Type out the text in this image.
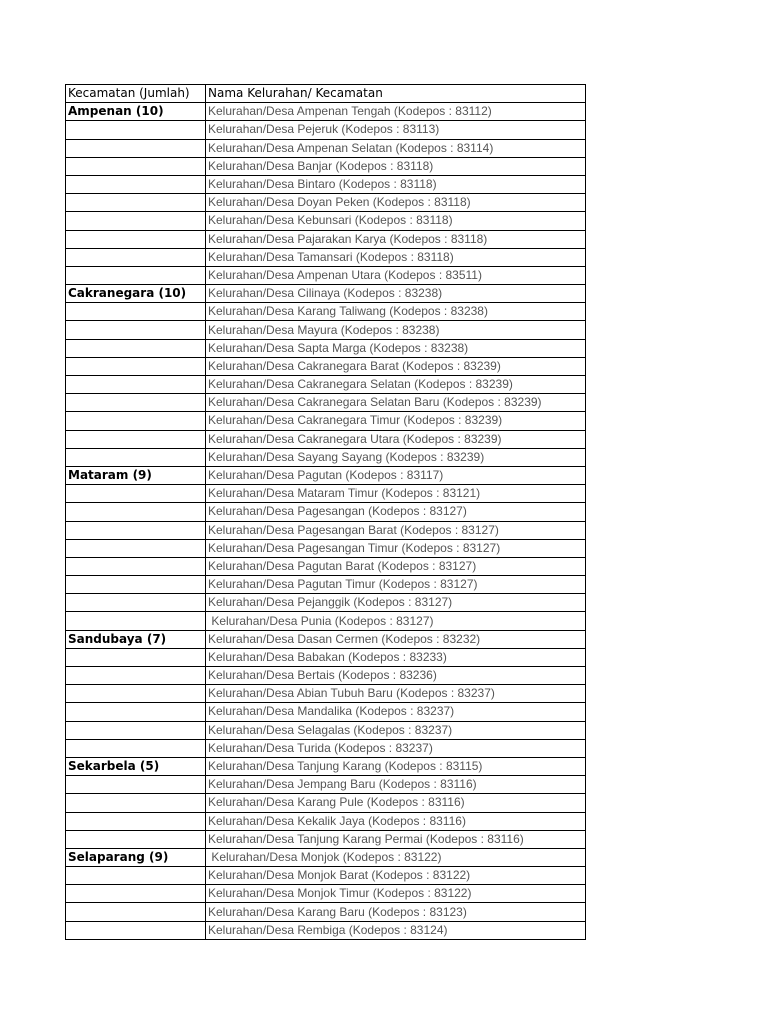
Kecamatan (Jumlah)	Nama Kelurahan/ Kecamatan
Ampenan (10)	Kelurahan/Desa Ampenan Tengah (Kodepos : 83112)
	Kelurahan/Desa Pejeruk (Kodepos : 83113)
	Kelurahan/Desa Ampenan Selatan (Kodepos : 83114)
	Kelurahan/Desa Banjar (Kodepos : 83118)
	Kelurahan/Desa Bintaro (Kodepos : 83118)
	Kelurahan/Desa Doyan Peken (Kodepos : 83118)
	Kelurahan/Desa Kebunsari (Kodepos : 83118)
	Kelurahan/Desa Pajarakan Karya (Kodepos : 83118)
	Kelurahan/Desa Tamansari (Kodepos : 83118)
	Kelurahan/Desa Ampenan Utara (Kodepos : 83511)
Cakranegara (10)	Kelurahan/Desa Cilinaya (Kodepos : 83238)
	Kelurahan/Desa Karang Taliwang (Kodepos : 83238)
	Kelurahan/Desa Mayura (Kodepos : 83238)
	Kelurahan/Desa Sapta Marga (Kodepos : 83238)
	Kelurahan/Desa Cakranegara Barat (Kodepos : 83239)
	Kelurahan/Desa Cakranegara Selatan (Kodepos : 83239)
	Kelurahan/Desa Cakranegara Selatan Baru (Kodepos : 83239)
	Kelurahan/Desa Cakranegara Timur (Kodepos : 83239)
	Kelurahan/Desa Cakranegara Utara (Kodepos : 83239)
	Kelurahan/Desa Sayang Sayang (Kodepos : 83239)
Mataram (9)	Kelurahan/Desa Pagutan (Kodepos : 83117)
	Kelurahan/Desa Mataram Timur (Kodepos : 83121)
	Kelurahan/Desa Pagesangan (Kodepos : 83127)
	Kelurahan/Desa Pagesangan Barat (Kodepos : 83127)
	Kelurahan/Desa Pagesangan Timur (Kodepos : 83127)
	Kelurahan/Desa Pagutan Barat (Kodepos : 83127)
	Kelurahan/Desa Pagutan Timur (Kodepos : 83127)
	Kelurahan/Desa Pejanggik (Kodepos : 83127)
	Kelurahan/Desa Punia (Kodepos : 83127)
Sandubaya (7)	Kelurahan/Desa Dasan Cermen (Kodepos : 83232)
	Kelurahan/Desa Babakan (Kodepos : 83233)
	Kelurahan/Desa Bertais (Kodepos : 83236)
	Kelurahan/Desa Abian Tubuh Baru (Kodepos : 83237)
	Kelurahan/Desa Mandalika (Kodepos : 83237)
	Kelurahan/Desa Selagalas (Kodepos : 83237)
	Kelurahan/Desa Turida (Kodepos : 83237)
Sekarbela (5)	Kelurahan/Desa Tanjung Karang (Kodepos : 83115)
	Kelurahan/Desa Jempang Baru (Kodepos : 83116)
	Kelurahan/Desa Karang Pule (Kodepos : 83116)
	Kelurahan/Desa Kekalik Jaya (Kodepos : 83116)
	Kelurahan/Desa Tanjung Karang Permai (Kodepos : 83116)
Selaparang (9)	Kelurahan/Desa Monjok (Kodepos : 83122)
	Kelurahan/Desa Monjok Barat (Kodepos : 83122)
	Kelurahan/Desa Monjok Timur (Kodepos : 83122)
	Kelurahan/Desa Karang Baru (Kodepos : 83123)
	Kelurahan/Desa Rembiga (Kodepos : 83124)
